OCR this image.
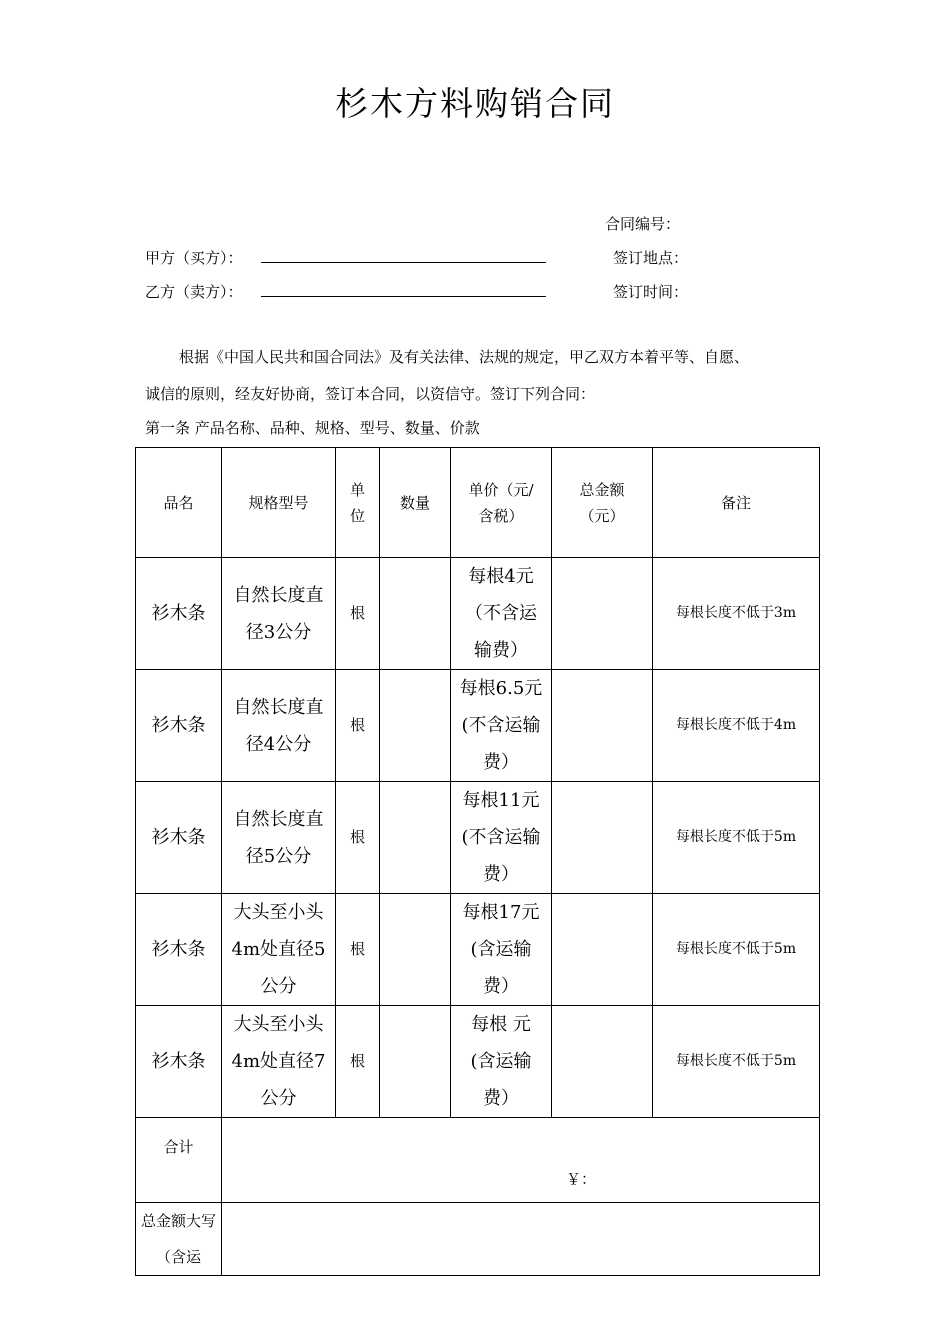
杉木方料购销合同
合同编号：
甲方（买方）：	签订地点：
乙方（卖方）：	签订时间：
根据《中国人民共和国合同法》及有关法律、法规的规定，甲乙双方本着平等、自愿、
诚信的原则，经友好协商，签订本合同，以资信守。签订下列合同：
第一条 产品名称、品种、规格、型号、数量、价款
品名	规格型号	单位	数量	单价（元/含税）	总金额（元）	备注
衫木条	自然长度直径3公分	根		每根4元（不含运输费）		每根长度不低于3m
衫木条	自然长度直径4公分	根		每根6.5元(不含运输费）		每根长度不低于4m
衫木条	自然长度直径5公分	根		每根11元(不含运输费）		每根长度不低于5m
衫木条	大头至小头4m处直径5公分	根		每根17元(含运输费）		每根长度不低于5m
衫木条	大头至小头4m处直径7公分	根		每根 元(含运输费）		每根长度不低于5m
合计	￥：					
总金额大写（含运						
